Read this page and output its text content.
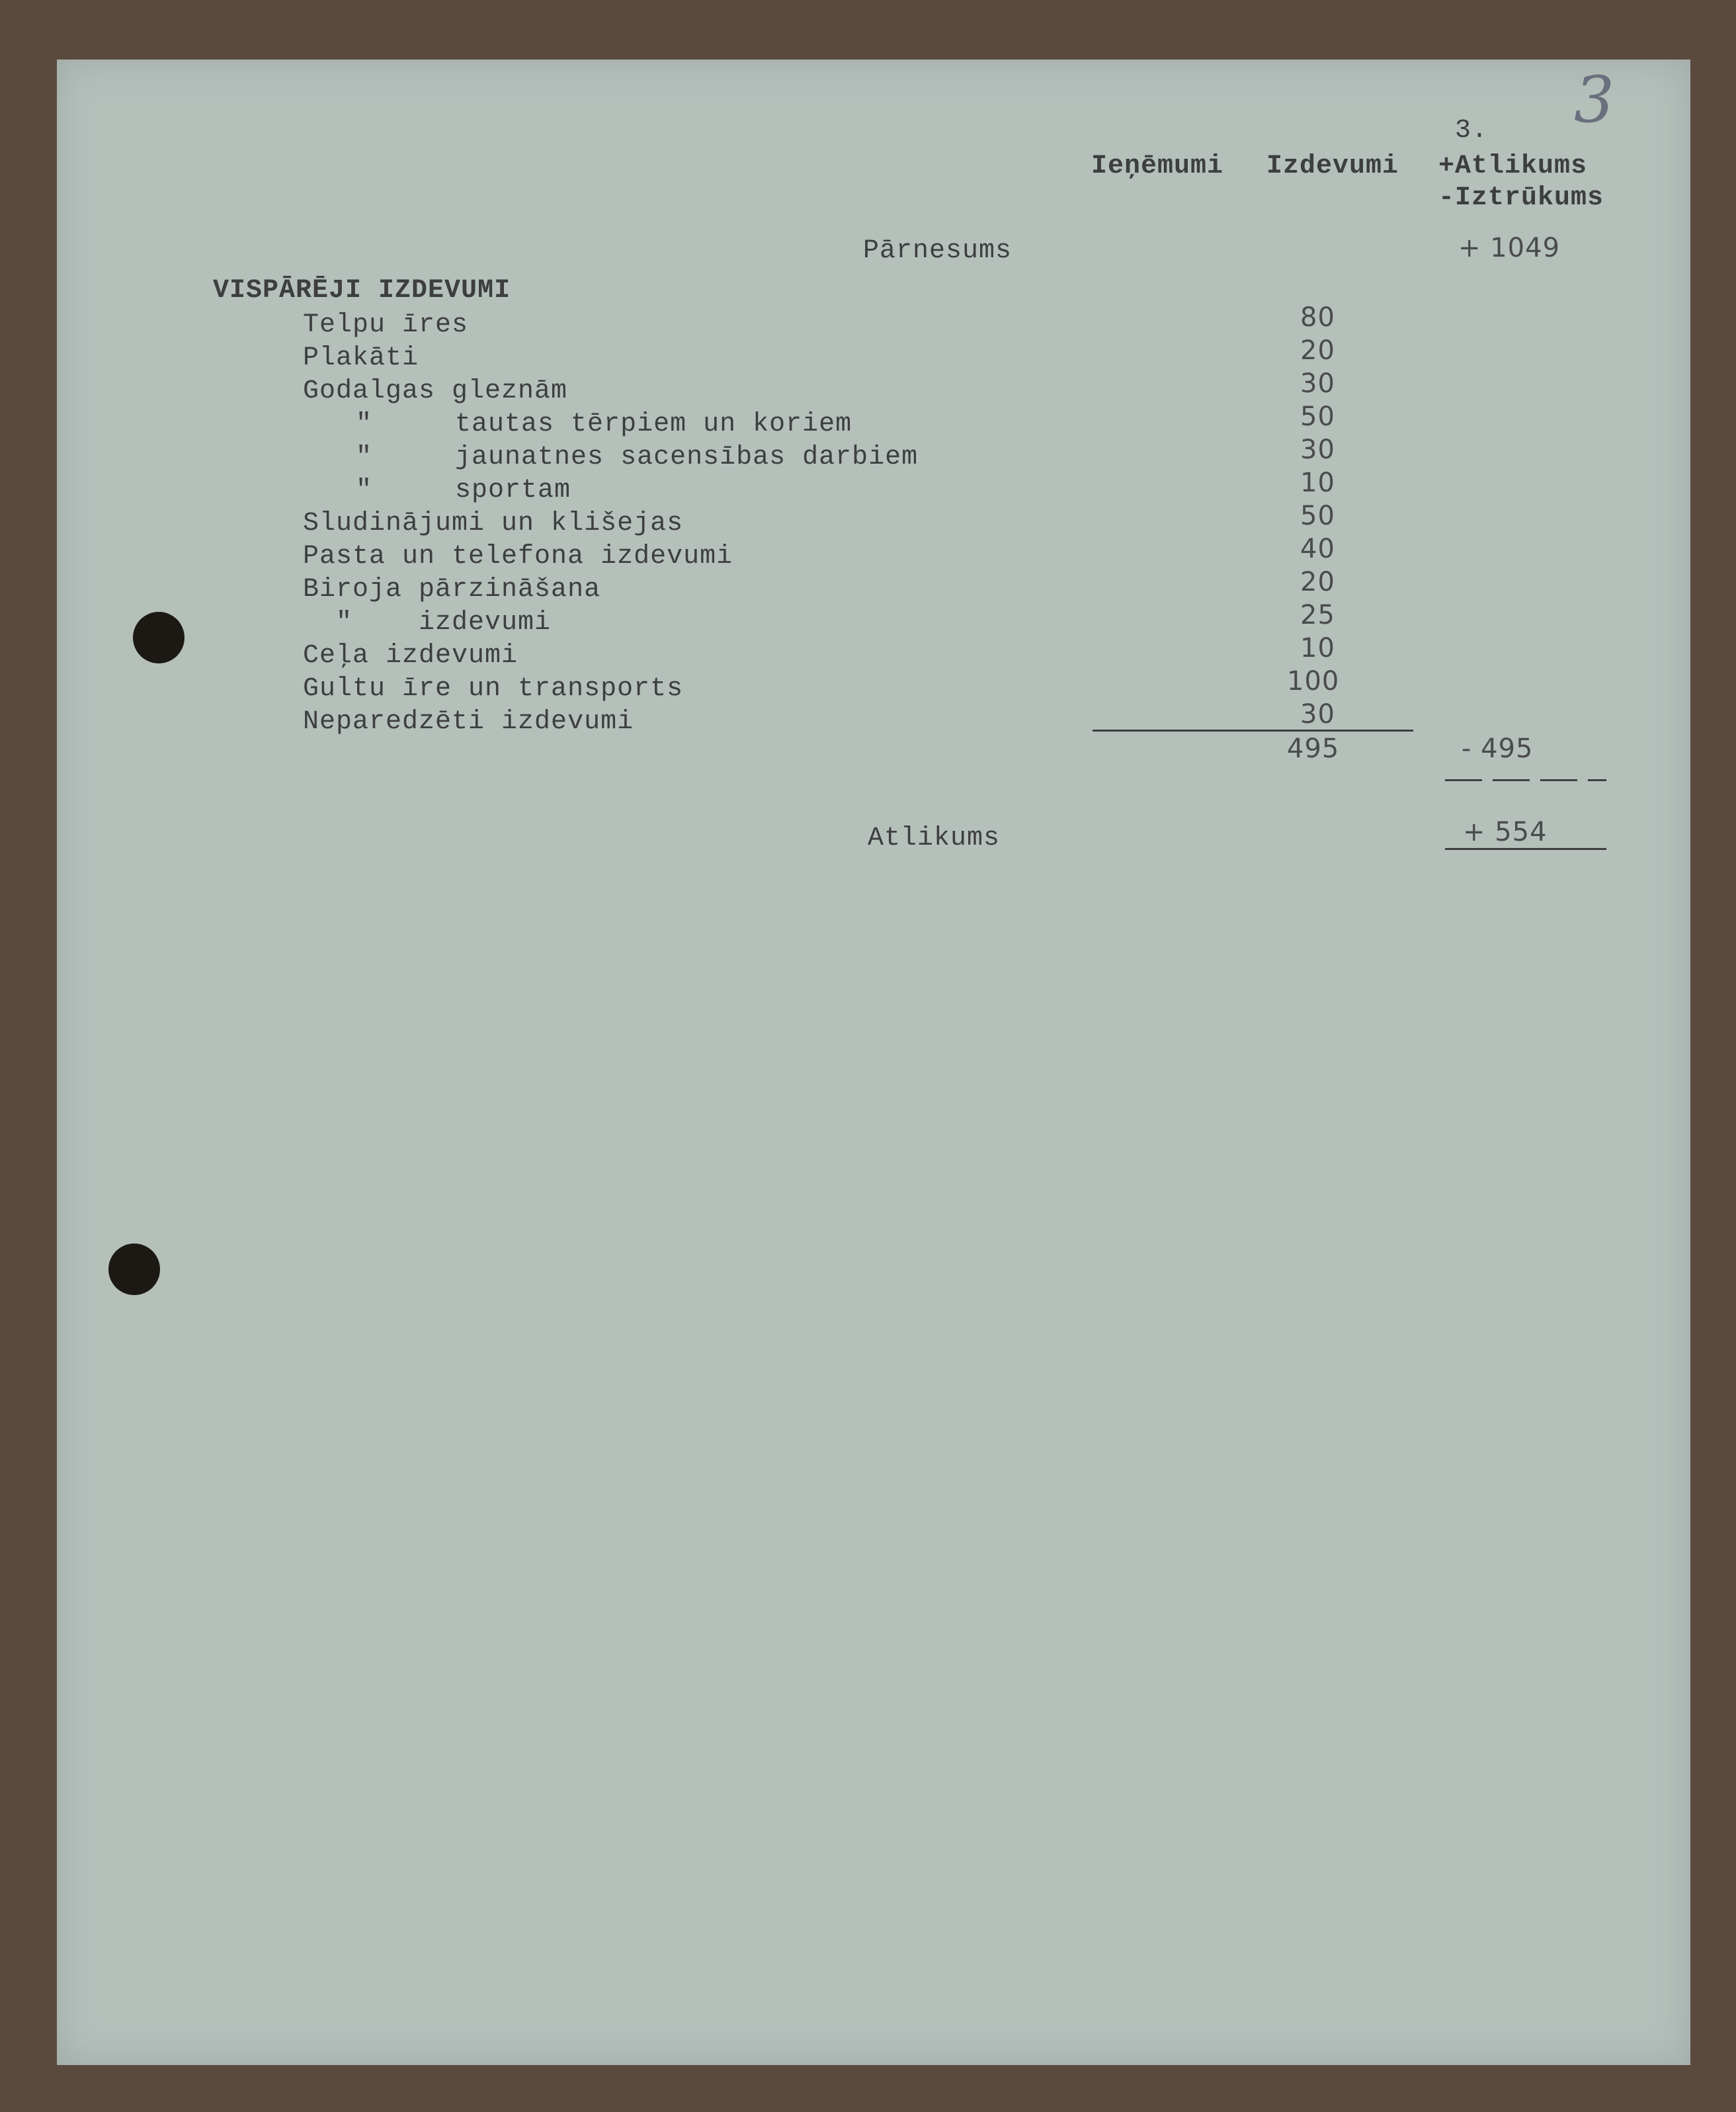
3
3.
Ieņēmumi Izdevumi +Atlikums
-Iztrūkums
Pārnesums	+ 1049
VISPĀRĒJI IZDEVUMI
Telpu īres	80
Plakāti	20
Godalgas gleznām	30
"     tautas tērpiem un koriem	50
"     jaunatnes sacensības darbiem	30
"     sportam	10
Sludinājumi un klišejas	50
Pasta un telefona izdevumi	40
Biroja pārzināšana	20
"    izdevumi	25
Ceļa izdevumi	10
Gultu īre un transports	100
Neparedzēti izdevumi	30
495	- 495
Atlikums	+ 554
